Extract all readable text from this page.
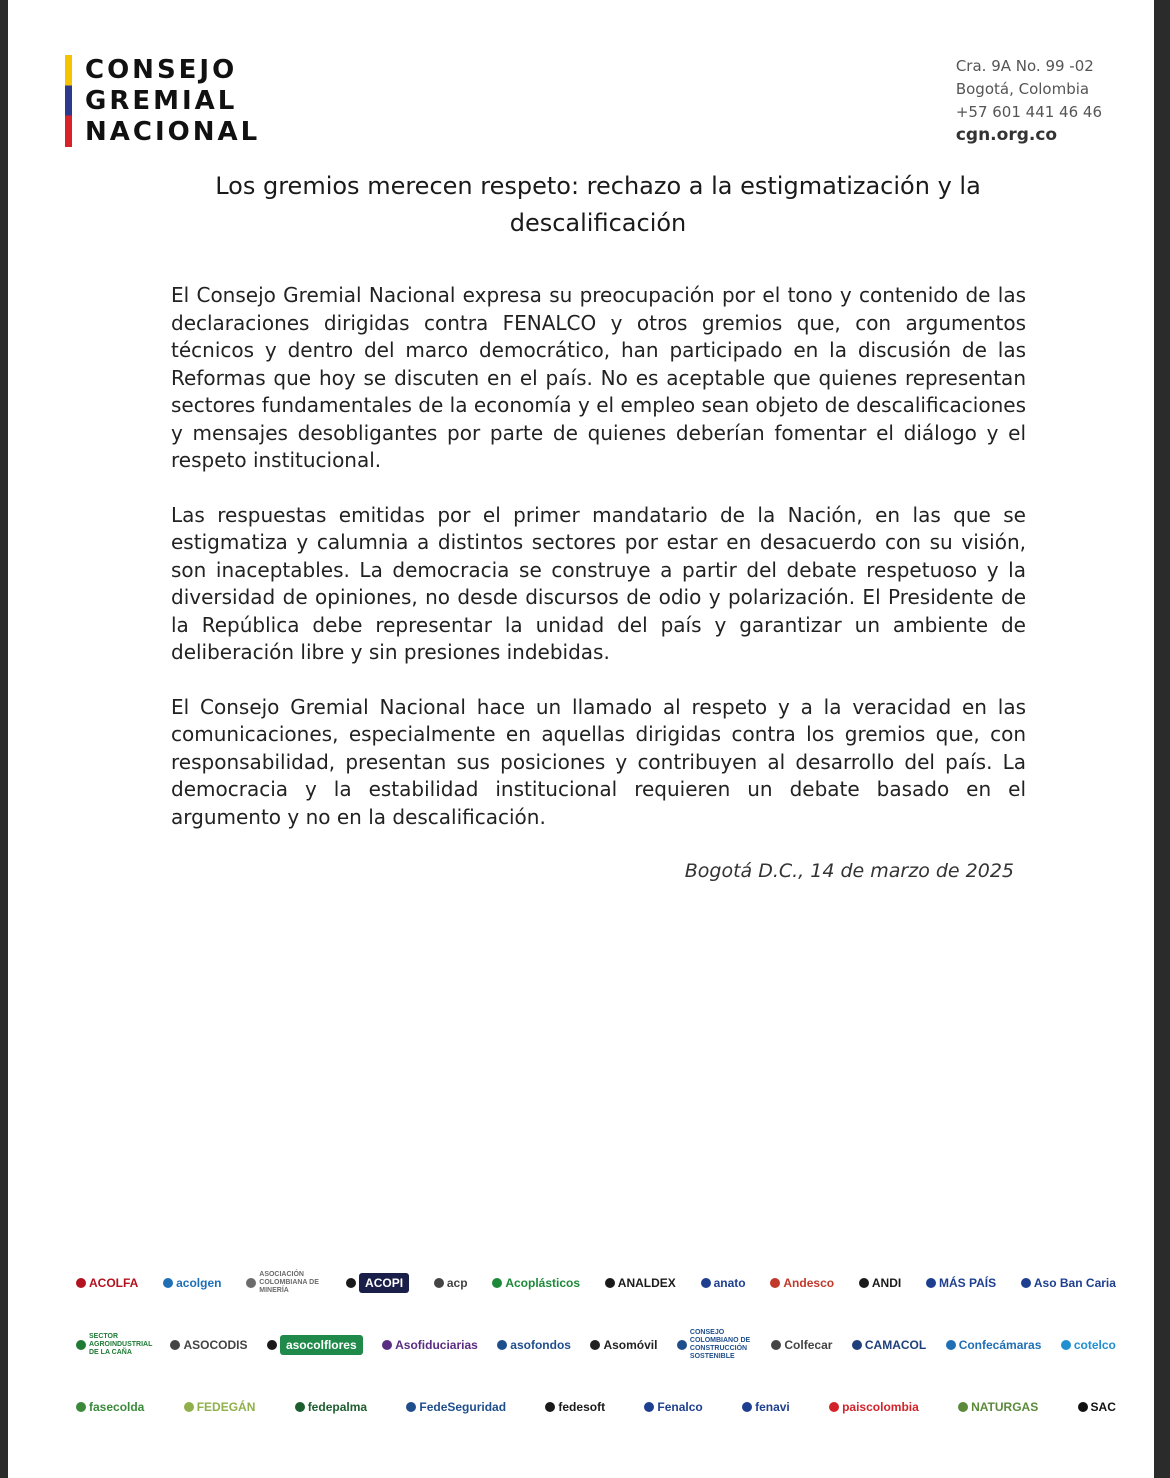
CONSEJO
GREMIAL
NACIONAL
Cra. 9A No. 99 -02
Bogotá, Colombia
+57 601 441 46 46
cgn.org.co
Los gremios merecen respeto: rechazo a la estigmatización y la descalificación

El Consejo Gremial Nacional expresa su preocupación por el tono y contenido de las declaraciones dirigidas contra FENALCO y otros gremios que, con argumentos técnicos y dentro del marco democrático, han participado en la discusión de las Reformas que hoy se discuten en el país. No es aceptable que quienes representan sectores fundamentales de la economía y el empleo sean objeto de descalificaciones y mensajes desobligantes por parte de quienes deberían fomentar el diálogo y el respeto institucional.

Las respuestas emitidas por el primer mandatario de la Nación, en las que se estigmatiza y calumnia a distintos sectores por estar en desacuerdo con su visión, son inaceptables. La democracia se construye a partir del debate respetuoso y la diversidad de opiniones, no desde discursos de odio y polarización. El Presidente de la República debe representar la unidad del país y garantizar un ambiente de deliberación libre y sin presiones indebidas.

El Consejo Gremial Nacional hace un llamado al respeto y a la veracidad en las comunicaciones, especialmente en aquellas dirigidas contra los gremios que, con responsabilidad, presentan sus posiciones y contribuyen al desarrollo del país. La democracia y la estabilidad institucional requieren un debate basado en el argumento y no en la descalificación.

Bogotá D.C., 14 de marzo de 2025
ACOLFA	acolgen
ASOCIACIÓN COLOMBIANA DE MINERÍA
ACOPI	acp	Acoplásticos	ANALDEX	anato	Andesco	ANDI	MÁS PAÍS	Aso Ban Caria
SECTOR AGROINDUSTRIAL DE LA CAÑA
ASOCODIS	asocolflores	Asofiduciarias	asofondos	Asomóvil
CONSEJO COLOMBIANO DE CONSTRUCCIÓN SOSTENIBLE
Colfecar	CAMACOL	Confecámaras	cotelco
fasecolda	FEDEGÁN	fedepalma	FedeSeguridad	fedesoft	Fenalco	fenavi	paiscolombia	NATURGAS	SAC
